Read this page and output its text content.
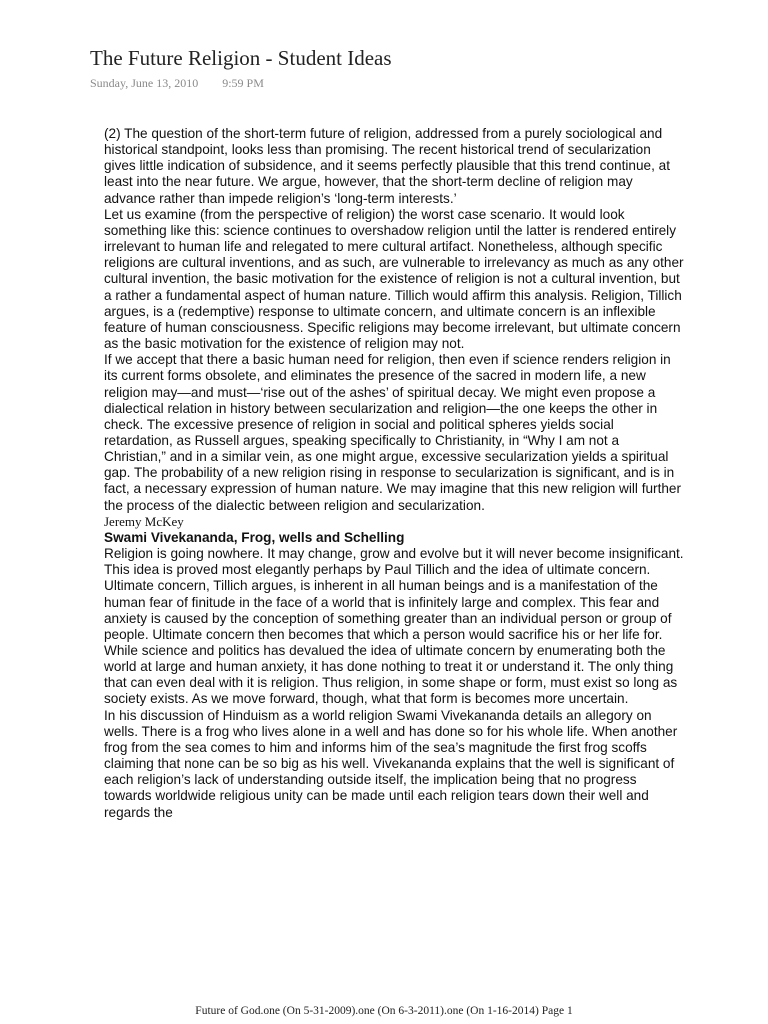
The Future Religion - Student Ideas
Sunday, June 13, 2010 9:59 PM

(2) The question of the short-term future of religion, addressed from a purely sociological and historical standpoint, looks less than promising. The recent historical trend of secularization gives little indication of subsidence, and it seems perfectly plausible that this trend continue, at least into the near future. We argue, however, that the short-term decline of religion may advance rather than impede religion’s ‘long-term interests.’

Let us examine (from the perspective of religion) the worst case scenario. It would look something like this: science continues to overshadow religion until the latter is rendered entirely irrelevant to human life and relegated to mere cultural artifact. Nonetheless, although specific religions are cultural inventions, and as such, are vulnerable to irrelevancy as much as any other cultural invention, the basic motivation for the existence of religion is not a cultural invention, but a rather a fundamental aspect of human nature. Tillich would affirm this analysis. Religion, Tillich argues, is a (redemptive) response to ultimate concern, and ultimate concern is an inflexible feature of human consciousness. Specific religions may become irrelevant, but ultimate concern as the basic motivation for the existence of religion may not.

If we accept that there a basic human need for religion, then even if science renders religion in its current forms obsolete, and eliminates the presence of the sacred in modern life, a new religion may—and must—‘rise out of the ashes’ of spiritual decay. We might even propose a dialectical relation in history between secularization and religion—the one keeps the other in check. The excessive presence of religion in social and political spheres yields social retardation, as Russell argues, speaking specifically to Christianity, in “Why I am not a Christian,” and in a similar vein, as one might argue, excessive secularization yields a spiritual gap. The probability of a new religion rising in response to secularization is significant, and is in fact, a necessary expression of human nature. We may imagine that this new religion will further the process of the dialectic between religion and secularization.

Jeremy McKey

Swami Vivekananda, Frog, wells and Schelling

Religion is going nowhere. It may change, grow and evolve but it will never become insignificant. This idea is proved most elegantly perhaps by Paul Tillich and the idea of ultimate concern. Ultimate concern, Tillich argues, is inherent in all human beings and is a manifestation of the human fear of finitude in the face of a world that is infinitely large and complex. This fear and anxiety is caused by the conception of something greater than an individual person or group of people. Ultimate concern then becomes that which a person would sacrifice his or her life for. While science and politics has devalued the idea of ultimate concern by enumerating both the world at large and human anxiety, it has done nothing to treat it or understand it. The only thing that can even deal with it is religion. Thus religion, in some shape or form, must exist so long as society exists. As we move forward, though, what that form is becomes more uncertain.

In his discussion of Hinduism as a world religion Swami Vivekananda details an allegory on wells. There is a frog who lives alone in a well and has done so for his whole life. When another frog from the sea comes to him and informs him of the sea’s magnitude the first frog scoffs claiming that none can be so big as his well. Vivekananda explains that the well is significant of each religion’s lack of understanding outside itself, the implication being that no progress towards worldwide religious unity can be made until each religion tears down their well and regards the

Future of God.one (On 5-31-2009).one (On 6-3-2011).one (On 1-16-2014) Page 1
